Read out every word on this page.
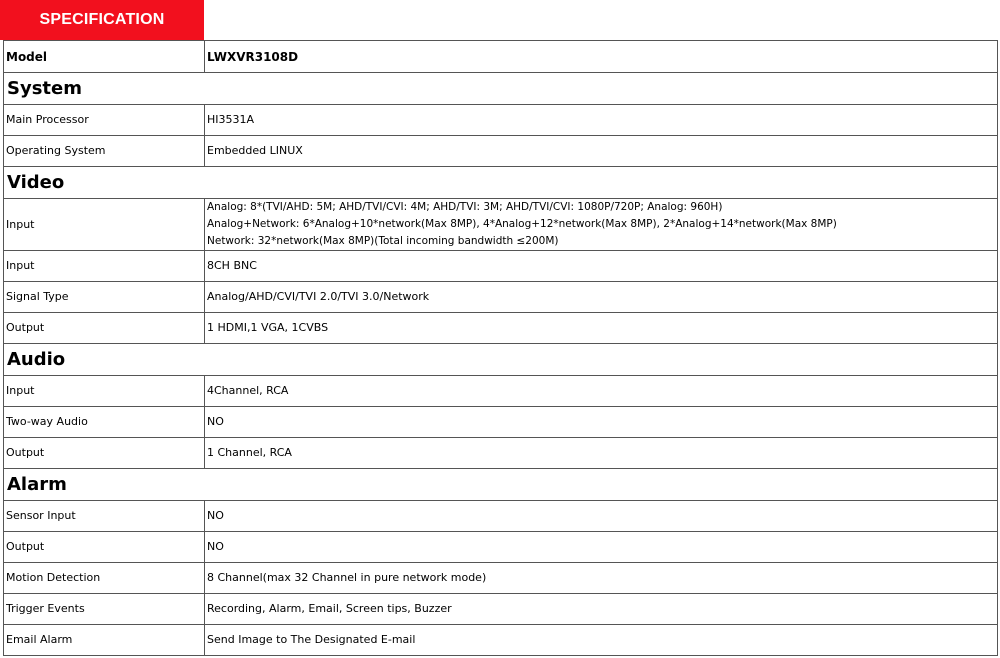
SPECIFICATION
Model	LWXVR3108D
System	
Main Processor	HI3531A
Operating System	Embedded LINUX
Video	
Input	Analog: 8*(TVI/AHD: 5M; AHD/TVI/CVI: 4M; AHD/TVI: 3M; AHD/TVI/CVI: 1080P/720P; Analog: 960H)
Analog+Network: 6*Analog+10*network(Max 8MP), 4*Analog+12*network(Max 8MP), 2*Analog+14*network(Max 8MP)
Network: 32*network(Max 8MP)(Total incoming bandwidth ≤200M)

Input	8CH BNC
Signal Type	Analog/AHD/CVI/TVI 2.0/TVI 3.0/Network
Output	1 HDMI,1 VGA, 1CVBS
Audio	
Input	4Channel, RCA
Two-way Audio	NO
Output	1 Channel, RCA
Alarm	
Sensor Input	NO
Output	NO
Motion Detection	8 Channel(max 32 Channel in pure network mode)
Trigger Events	Recording, Alarm, Email, Screen tips, Buzzer
Email Alarm	Send Image to The Designated E-mail
